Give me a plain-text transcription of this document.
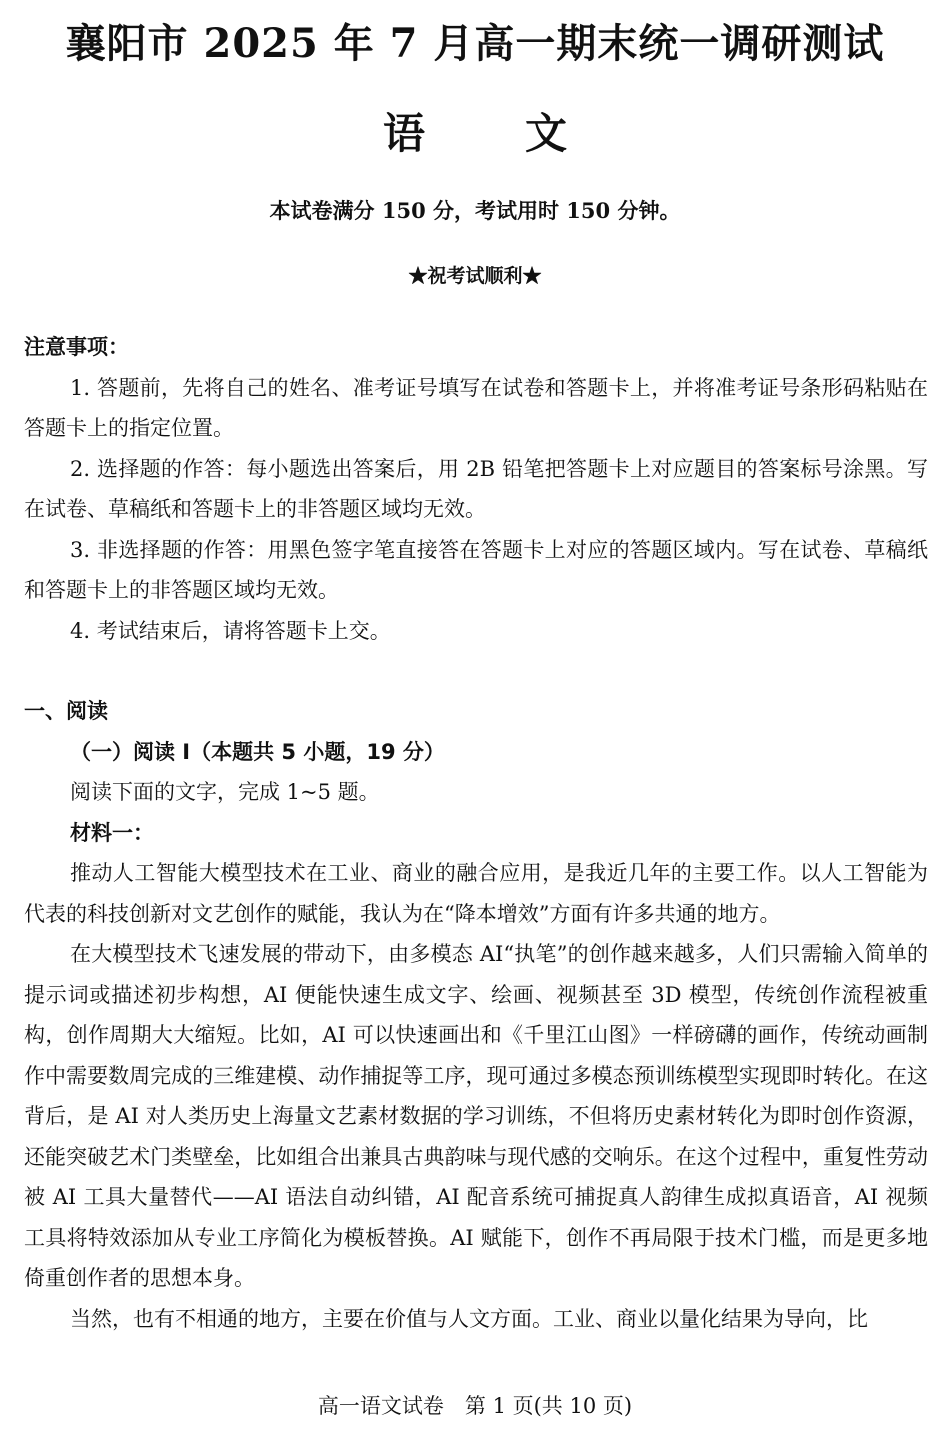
襄阳市 2025 年 7 月高一期末统一调研测试
语文
本试卷满分 150 分，考试用时 150 分钟。
★祝考试顺利★

注意事项：

1. 答题前，先将自己的姓名、准考证号填写在试卷和答题卡上，并将准考证号条形码粘贴在答题卡上的指定位置。

2. 选择题的作答：每小题选出答案后，用 2B 铅笔把答题卡上对应题目的答案标号涂黑。写在试卷、草稿纸和答题卡上的非答题区域均无效。

3. 非选择题的作答：用黑色签字笔直接答在答题卡上对应的答题区域内。写在试卷、草稿纸和答题卡上的非答题区域均无效。

4. 考试结束后，请将答题卡上交。

一、阅读

（一）阅读 I（本题共 5 小题，19 分）

阅读下面的文字，完成 1~5 题。

材料一：

推动人工智能大模型技术在工业、商业的融合应用，是我近几年的主要工作。以人工智能为代表的科技创新对文艺创作的赋能，我认为在“降本增效”方面有许多共通的地方。

在大模型技术飞速发展的带动下，由多模态 AI“执笔”的创作越来越多，人们只需输入简单的提示词或描述初步构想，AI 便能快速生成文字、绘画、视频甚至 3D 模型，传统创作流程被重构，创作周期大大缩短。比如，AI 可以快速画出和《千里江山图》一样磅礴的画作，传统动画制作中需要数周完成的三维建模、动作捕捉等工序，现可通过多模态预训练模型实现即时转化。在这背后，是 AI 对人类历史上海量文艺素材数据的学习训练，不但将历史素材转化为即时创作资源，还能突破艺术门类壁垒，比如组合出兼具古典韵味与现代感的交响乐。在这个过程中，重复性劳动被 AI 工具大量替代——AI 语法自动纠错，AI 配音系统可捕捉真人韵律生成拟真语音，AI 视频工具将特效添加从专业工序简化为模板替换。AI 赋能下，创作不再局限于技术门槛，而是更多地倚重创作者的思想本身。

当然，也有不相通的地方，主要在价值与人文方面。工业、商业以量化结果为导向，比

高一语文试卷　第 1 页(共 10 页)
